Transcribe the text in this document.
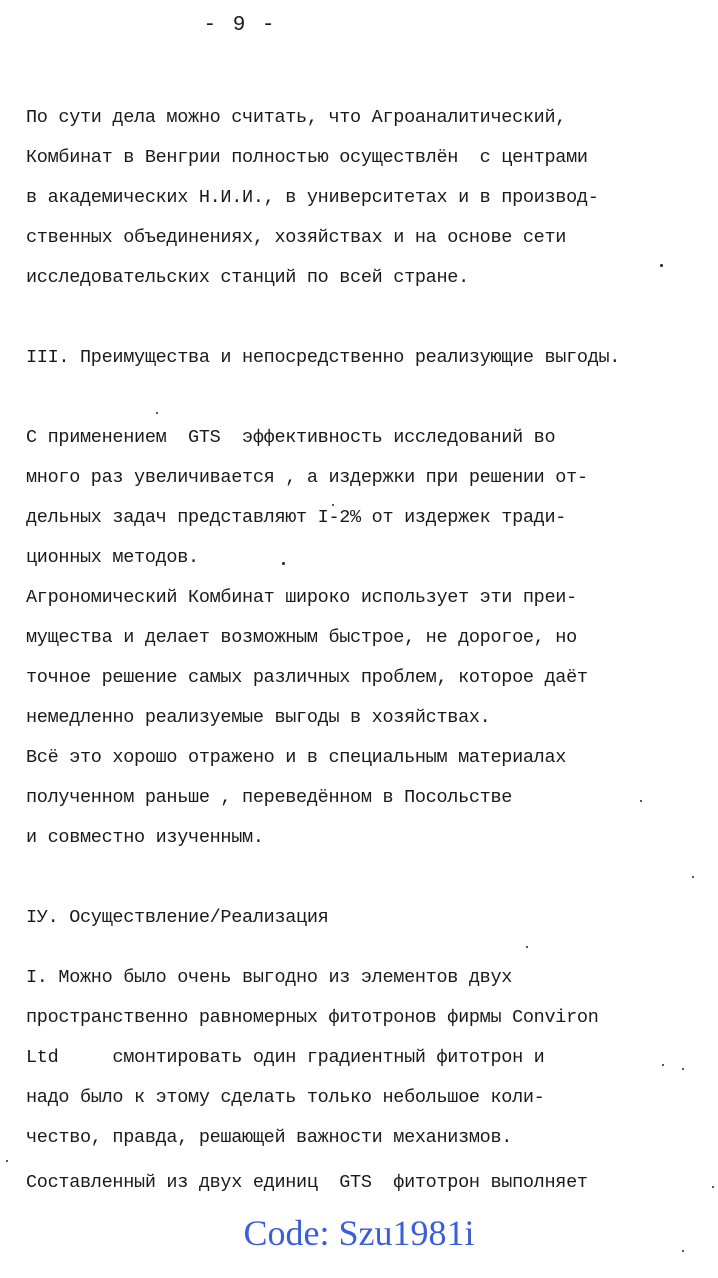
- 9 -
По сути дела можно считать, что Агроаналитический,
Комбинат в Венгрии полностью осуществлён  с центрами
в академических Н.И.И., в университетах и в производ-
ственных объединениях, хозяйствах и на основе сети
исследовательских станций по всей стране.
III. Преимущества и непосредственно реализующие выгоды.
С применением  GTS  эффективность исследований во
много раз увеличивается , а издержки при решении от-
дельных задач представляют I-2% от издержек тради-
ционных методов.
Агрономический Комбинат широко использует эти преи-
мущества и делает возможным быстрое, не дорогое, но
точное решение самых различных проблем, которое даёт
немедленно реализуемые выгоды в хозяйствах.
Всё это хорошо отражено и в специальным материалах
полученном раньше , переведённом в Посольстве
и совместно изученным.
IУ. Осуществление/Реализация
I. Можно было очень выгодно из элементов двух
пространственно равномерных фитотронов фирмы Conviron
Ltd     смонтировать один градиентный фитотрон и
надо было к этому сделать только небольшое коли-
чество, правда, решающей важности механизмов.
Составленный из двух единиц  GTS  фитотрон выполняет
Code: Szu1981i
